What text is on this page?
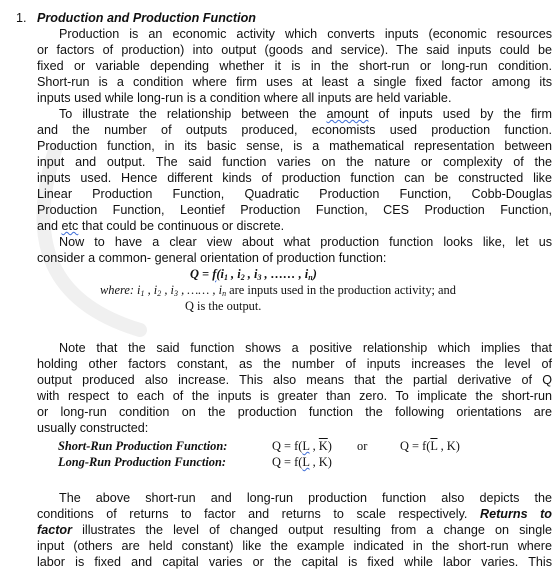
1. Production and Production Function
Production is an economic activity which converts inputs (economic resources
or factors of production) into output (goods and service). The said inputs could be
fixed or variable depending whether it is in the short-run or long-run condition.
Short-run is a condition where firm uses at least a single fixed factor among its
inputs used while long-run is a condition where all inputs are held variable.
To illustrate the relationship between the amount of inputs used by the firm
and the number of outputs produced, economists used production function.
Production function, in its basic sense, is a mathematical representation between
input and output. The said function varies on the nature or complexity of the
inputs used. Hence different kinds of production function can be constructed like
Linear Production Function, Quadratic Production Function, Cobb-Douglas
Production Function, Leontief Production Function, CES Production Function,
and etc that could be continuous or discrete.
Now to have a clear view about what production function looks like, let us
consider a common- general orientation of production function:
$Q = f(i_1$ , $i_2$ , $i_3$ , …… , $i_n$)
where: $i_1$ , $i_2$ , $i_3$ , …… , $i_n$ are inputs used in the production activity; and
Q is the output.
Note that the said function shows a positive relationship which implies that
holding other factors constant, as the number of inputs increases the level of
output produced also increase. This also means that the partial derivative of Q
with respect to each of the inputs is greater than zero. To implicate the short-run
or long-run condition on the production function the following orientations are
usually constructed:
Short-Run Production Function:	Q = f(L , $\overline{K}$)	or	$Q = f(\overline{L}$ , K)
Long-Run Production Function:	Q = f(L , K)
The above short-run and long-run production function also depicts the
conditions of returns to factor and returns to scale respectively. Returns to
factor illustrates the level of changed output resulting from a change on single
input (others are held constant) like the example indicated in the short-run where
labor is fixed and capital varies or the capital is fixed while labor varies. This
